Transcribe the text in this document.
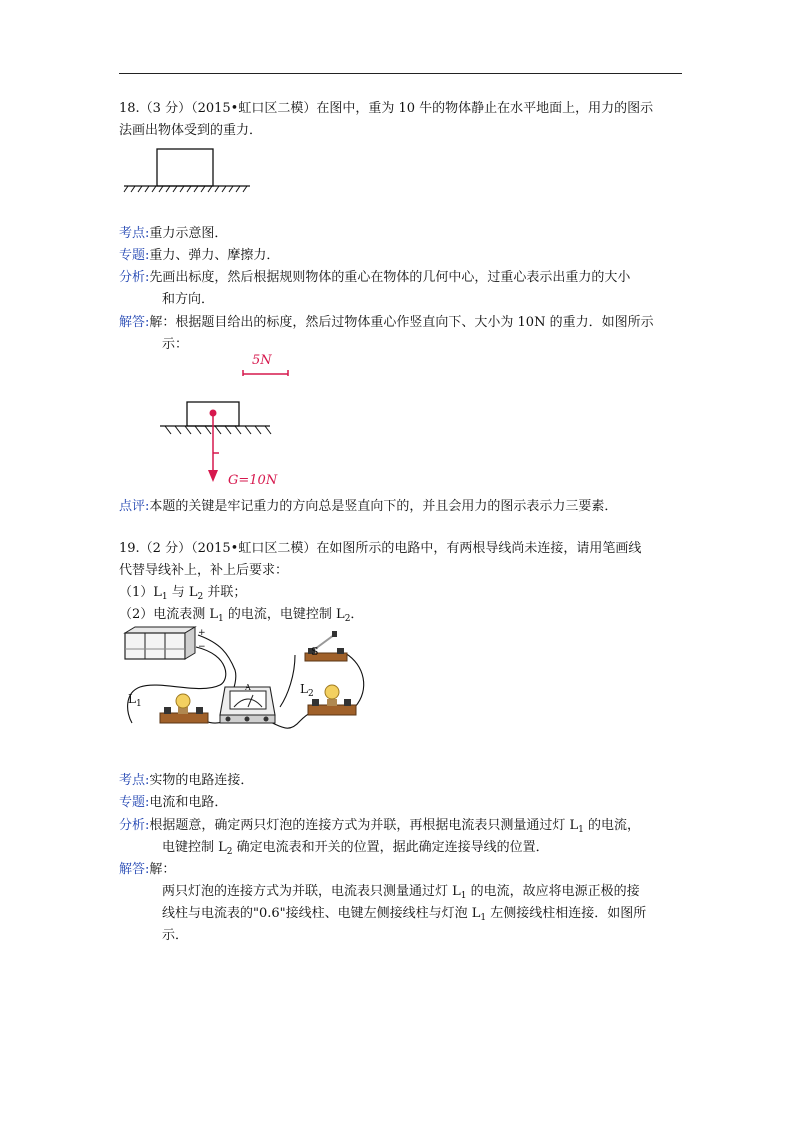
18.（3 分）（2015•虹口区二模）在图中，重为 10 牛的物体静止在水平地面上，用力的图示
法画出物体受到的重力．
考点:重力示意图．
专题:重力、弹力、摩擦力．
分析:先画出标度，然后根据规则物体的重心在物体的几何中心，过重心表示出重力的大小
和方向．
解答:解：根据题目给出的标度，然后过物体重心作竖直向下、大小为 10N 的重力．如图所示
示：
5N
G=10N
点评:本题的关键是牢记重力的方向总是竖直向下的，并且会用力的图示表示力三要素．
19.（2 分）（2015•虹口区二模）在如图所示的电路中，有两根导线尚未连接，请用笔画线
代替导线补上，补上后要求：
$(1)L_1$ 与 $L_2$ 并联；
（2）电流表测 $L_1$ 的电流，电键控制 $L_2$．
+
−
$L_1$
$L_2$
S
A
考点:实物的电路连接．
专题:电流和电路．
分析:根据题意，确定两只灯泡的连接方式为并联，再根据电流表只测量通过灯 $L_1$ 的电流，
电键控制 $L_2$ 确定电流表和开关的位置，据此确定连接导线的位置．
解答:解：
两只灯泡的连接方式为并联，电流表只测量通过灯 $L_1$ 的电流，故应将电源正极的接
线柱与电流表的"0.6"接线柱、电键左侧接线柱与灯泡 $L_1$ 左侧接线柱相连接．如图所
示．
